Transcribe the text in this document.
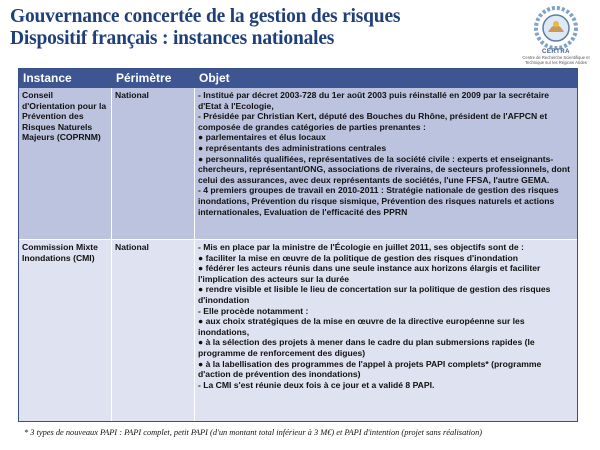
Gouvernance concertée de la gestion des risques
Dispositif français : instances nationales
CERTRA
Centre de Recherche Scientifique et Technique sur les Régions Arides
Instance	Périmètre	Objet
Conseil d'Orientation pour la Prévention des Risques Naturels Majeurs (COPRNM)
National	- Institué par décret 2003-728 du 1er août 2003 puis réinstallé en 2009 par la secrétaire d'Etat à l'Ecologie,
- Présidée par Christian Kert, député des Bouches du Rhône, président de l'AFPCN et composée de grandes catégories de parties prenantes :
● parlementaires et élus locaux
● représentants des administrations centrales
● personnalités qualifiées, représentatives de la société civile : experts et enseignants-chercheurs, représentant/ONG, associations de riverains, de secteurs professionnels, dont celui des assurances, avec deux représentants de sociétés, l'une FFSA, l'autre GEMA.
- 4 premiers groupes de travail en 2010-2011 : Stratégie nationale de gestion des risques inondations, Prévention du risque sismique, Prévention des risques naturels et actions internationales, Evaluation de l'efficacité des PPRN
Commission Mixte Inondations (CMI)
National	- Mis en place par la ministre de l'Écologie en juillet 2011, ses objectifs sont de :
● faciliter la mise en œuvre de la politique de gestion des risques d'inondation
● fédérer les acteurs réunis dans une seule instance aux horizons élargis et faciliter l'implication des acteurs sur la durée
● rendre visible et lisible le lieu de concertation sur la politique de gestion des risques d'inondation
- Elle procède notamment :
● aux choix stratégiques de la mise en œuvre de la directive européenne sur les inondations,
● à la sélection des projets à mener dans le cadre du plan submersions rapides (le programme de renforcement des digues)
● à la labellisation des programmes de l'appel à projets PAPI complets* (programme d'action de prévention des inondations)
- La CMI s'est réunie deux fois à ce jour et a validé 8 PAPI.
* 3 types de nouveaux PAPI : PAPI complet, petit PAPI (d'un montant total inférieur à 3 M€) et PAPI d'intention (projet sans réalisation)
